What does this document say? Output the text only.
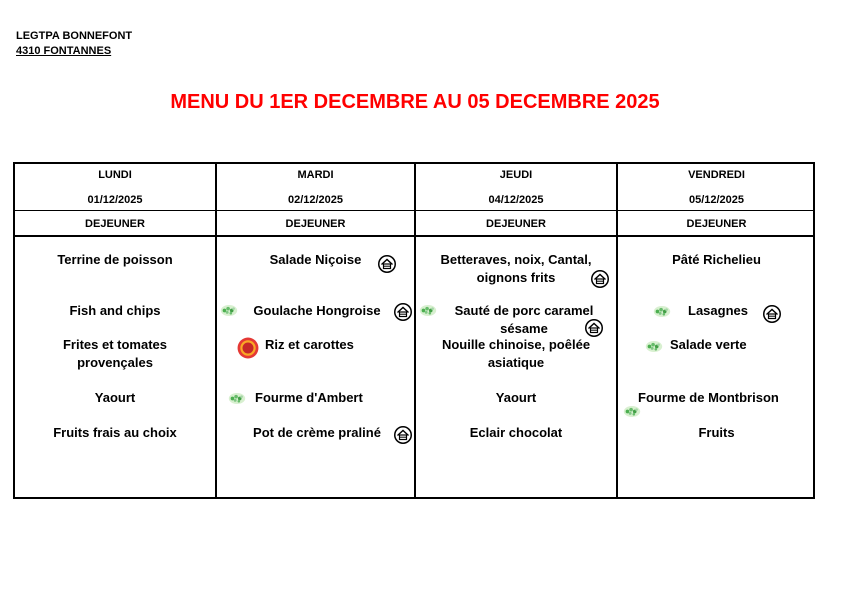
LEGTPA BONNEFONT
4310 FONTANNES
MENU DU 1ER DECEMBRE AU 05 DECEMBRE 2025
LUNDI
01/12/2025
DEJEUNER
Terrine de poisson
Fish and chips
Frites et tomates provençales
Yaourt
Fruits frais au choix
MARDI
02/12/2025
DEJEUNER
Salade Niçoise
Goulache Hongroise
Riz et carottes
Fourme d'Ambert
Pot de crème praliné
JEUDI
04/12/2025
DEJEUNER
Betteraves, noix, Cantal, oignons frits
Sauté de porc caramel sésame
Nouille chinoise, poêlée asiatique
Yaourt
Eclair chocolat
VENDREDI
05/12/2025
DEJEUNER
Pâté Richelieu
Lasagnes
Salade verte
Fourme de Montbrison
Fruits
